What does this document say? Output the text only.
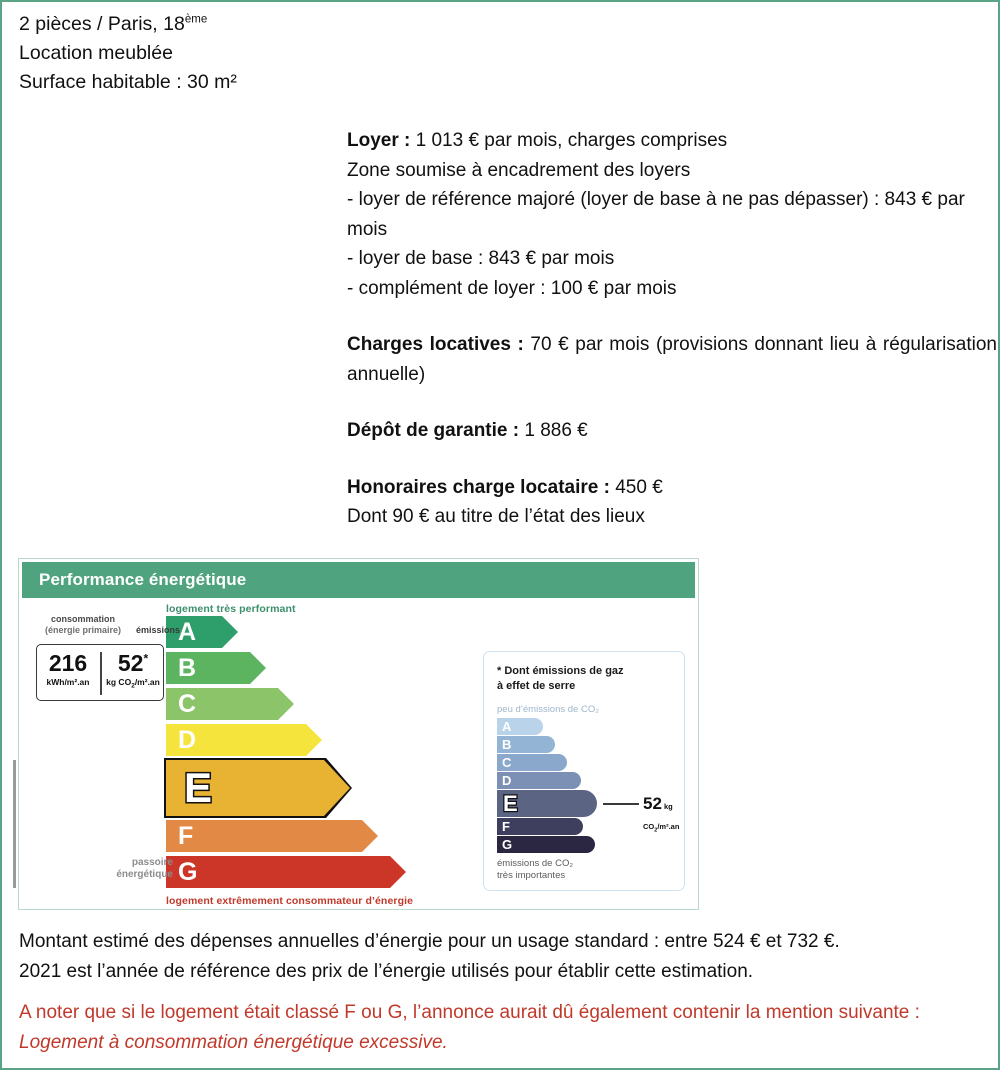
2 pièces / Paris, 18ème
Location meublée
Surface habitable : 30 m²
Loyer : 1 013 € par mois, charges comprises
Zone soumise à encadrement des loyers
- loyer de référence majoré (loyer de base à ne pas dépasser) : 843 € par mois
- loyer de base : 843 € par mois
- complément de loyer : 100 € par mois
Charges locatives : 70 € par mois (provisions donnant lieu à régularisation annuelle)
Dépôt de garantie : 1 886 €
Honoraires charge locataire : 450 €
Dont 90 € au titre de l’état des lieux
Performance énergétique
logement très performant
logement extrêmement consommateur d’énergie
A
B
C
D
E
F
G
consommation
(énergie primaire)	émissions
passoire énergétique
216
kWh/m².an
52*
kg $CO_2/m^2.an$
* Dont émissions de gaz
à effet de serre
peu d’émissions de CO₂
A
B
C
D
E	52 kg $CO_2/m^2.an$
F
G
émissions de CO₂
très importantes
Montant estimé des dépenses annuelles d’énergie pour un usage standard : entre 524 € et 732 €.
2021 est l’année de référence des prix de l’énergie utilisés pour établir cette estimation.
A noter que si le logement était classé F ou G, l’annonce aurait dû également contenir la mention suivante : Logement à consommation énergétique excessive.
